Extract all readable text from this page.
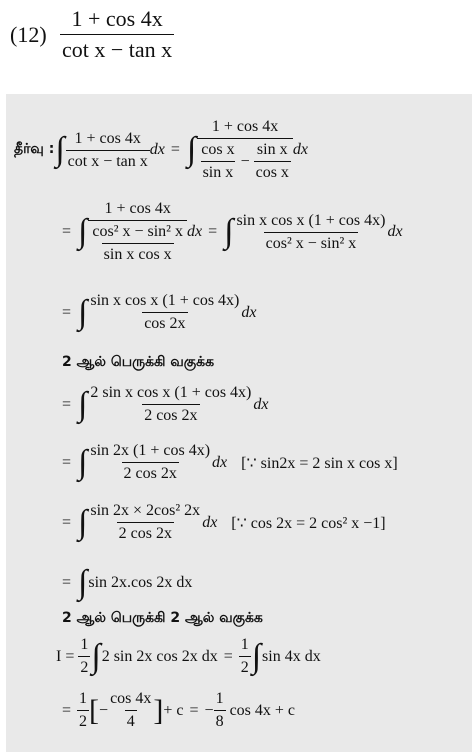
$(12) \frac{1 + \cos 4x}{\text{cot x − tan x}}$
தீர்வு : ∫ $\frac{1 + \cos 4x}{\text{cot x − tan x}}$ dx = ∫
1 + cos 4x
$\frac{\text{cos x}}{\text{sin x}} - \frac{\text{sin x}}{\text{cos x}}$ dx
= ∫ $\frac{1 + \cos 4x}{\frac{\text{cos² x − sin² x}}{\text{sin x cos x}}}$ dx = ∫ $\frac{\text{sin x cos x (1 + cos 4x)}}{\text{cos² x − sin² x}}$ dx
= ∫ $\frac{\text{sin x cos x (1 + cos 4x)}}{\cos 2x}$ dx
2 ஆல் பெருக்கி வகுக்க
= ∫ $\frac{\text{2 sin x cos x (1 + cos 4x)}}{2 \cos 2x}$ dx
= ∫ $\frac{\sin 2x (1 + \cos 4x)}{2 \cos 2x}$ dx [∵ sin2x = 2 sin x cos x]
= ∫ $\frac{\text{sin 2x × 2cos² 2x}}{2 \cos 2x}$ dx [∵ cos 2x = 2 cos² x −1]
= ∫ sin 2x.cos 2x dx
2 ஆல் பெருக்கி 2 ஆல் வகுக்க
$I = \frac{1}{2}$ ∫ 2 sin 2x cos 2x dx = $\frac{1}{2}$ ∫ sin 4x dx
= $\frac{1}{2}$ [ − $\frac{\cos 4x}{4}$ ] + c = − $\frac{1}{8}$ cos 4x + c
